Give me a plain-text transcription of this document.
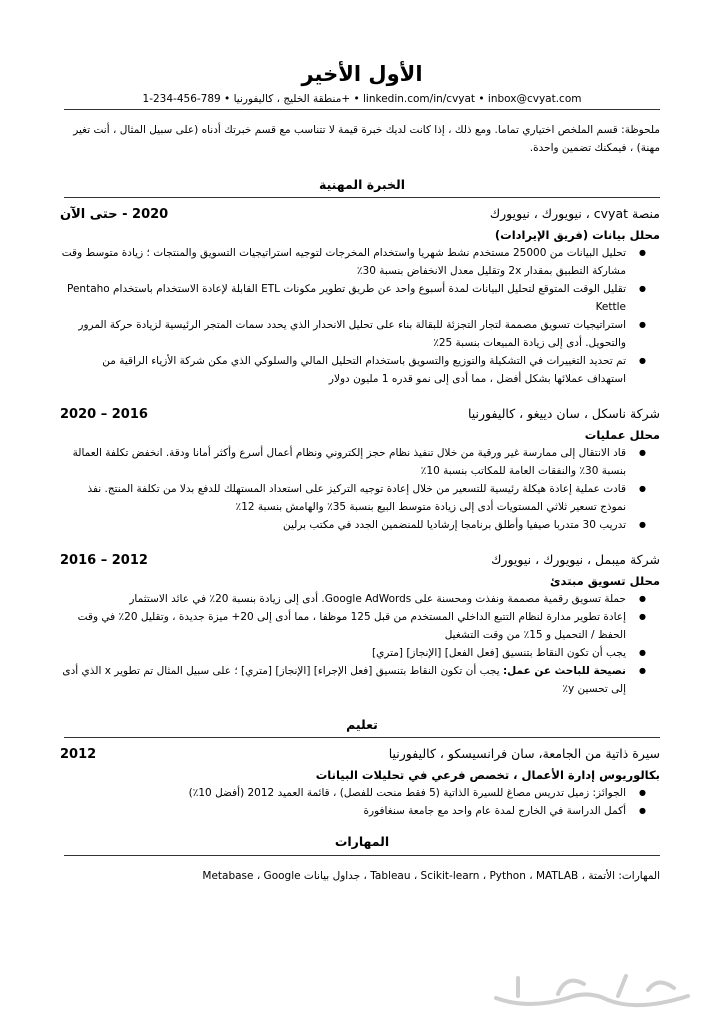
الأول الأخير
منطقة الخليج ، كاليفورنيا • 789-456-234-1+ • linkedin.com/in/cvyat • inbox@cvyat.com
ملحوظة: قسم الملخص اختياري تماما. ومع ذلك ، إذا كانت لديك خبرة قيمة لا تتناسب مع قسم خبرتك أدناه (على سبيل المثال ، أنت تغير مهنة) ، فيمكنك تضمين واحدة.
الخبرة المهنية
منصة cvyat ، نيويورك ، نيويورك
2020 - حتى الآن
محلل بيانات (فريق الإيرادات)
● تحليل البيانات من 25000 مستخدم نشط شهريا واستخدام المخرجات لتوجيه استراتيجيات التسويق والمنتجات ؛ زيادة متوسط وقت مشاركة التطبيق بمقدار 2x وتقليل معدل الانخفاض بنسبة 30٪
● تقليل الوقت المتوقع لتحليل البيانات لمدة أسبوع واحد عن طريق تطوير مكونات ETL القابلة لإعادة الاستخدام باستخدام Pentaho Kettle
● استراتيجيات تسويق مصممة لتجار التجزئة للبقالة بناء على تحليل الانحدار الذي يحدد سمات المتجر الرئيسية لزيادة حركة المرور والتحويل. أدى إلى زيادة المبيعات بنسبة 25٪
● تم تحديد التغييرات في التشكيلة والتوزيع والتسويق باستخدام التحليل المالي والسلوكي الذي مكن شركة الأزياء الراقية من استهداف عملائها بشكل أفضل ، مما أدى إلى نمو قدره 1 مليون دولار
شركة ناسكل ، سان دييغو ، كاليفورنيا
2016 – 2020
محلل عمليات
● قاد الانتقال إلى ممارسة غير ورقية من خلال تنفيذ نظام حجز إلكتروني ونظام أعمال أسرع وأكثر أمانا ودقة. انخفض تكلفة العمالة بنسبة 30٪ والنفقات العامة للمكاتب بنسبة 10٪
● قادت عملية إعادة هيكلة رئيسية للتسعير من خلال إعادة توجيه التركيز على استعداد المستهلك للدفع بدلا من تكلفة المنتج. نفذ نموذج تسعير ثلاثي المستويات أدى إلى زيادة متوسط البيع بنسبة 35٪ والهامش بنسبة 12٪
● تدريب 30 متدربا صيفيا وأطلق برنامجا إرشاديا للمنضمين الجدد في مكتب برلين
شركة ميبمل ، نيويورك ، نيويورك
2012 – 2016
محلل تسويق مبتدئ
● حملة تسويق رقمية مصممة ونفذت ومحسنة على Google AdWords. أدى إلى زيادة بنسبة 20٪ في عائد الاستثمار
● إعادة تطوير مدارة لنظام التتبع الداخلي المستخدم من قبل 125 موظفا ، مما أدى إلى 20+ ميزة جديدة ، وتقليل 20٪ في وقت الحفظ / التحميل و 15٪ من وقت التشغيل
● يجب أن تكون النقاط بتنسيق [فعل الفعل] [الإنجاز] [متري]
● نصيحة للباحث عن عمل: يجب أن تكون النقاط بتنسيق [فعل الإجراء] [الإنجاز] [متري] ؛ على سبيل المثال تم تطوير x الذي أدى إلى تحسين y٪
تعليم
سيرة ذاتية من الجامعة، سان فرانسيسكو ، كاليفورنيا
2012
بكالوريوس إدارة الأعمال ، تخصص فرعي في تحليلات البيانات
● الجوائز: زميل تدريس مصاغ للسيرة الذاتية (5 فقط منحت للفصل) ، قائمة العميد 2012 (أفضل 10٪)
● أكمل الدراسة في الخارج لمدة عام واحد مع جامعة سنغافورة
المهارات
المهارات: الأتمتة ، Tableau ، Scikit-learn ، Python ، MATLAB ، جداول بيانات Metabase ، Google
